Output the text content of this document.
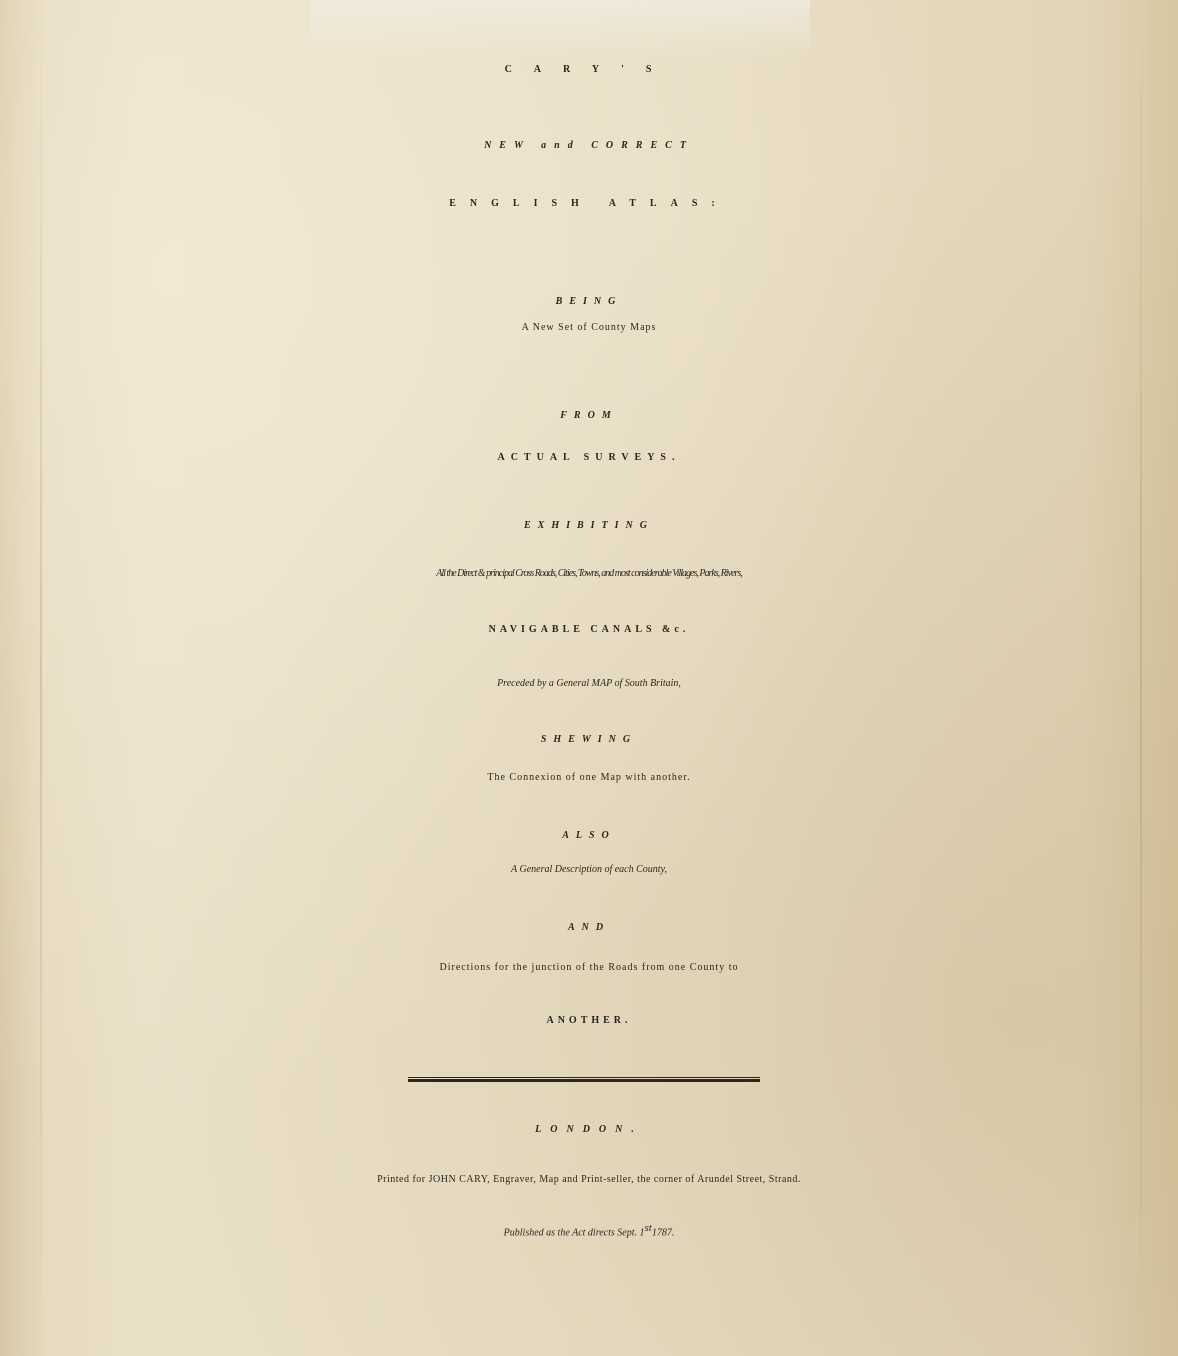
CARY'S
NEW and CORRECT
ENGLISH ATLAS:
BEING
A New Set of County Maps
FROM
ACTUAL SURVEYS.
EXHIBITING
All the Direct & principal Cross Roads, Cities, Towns, and most considerable Villages, Parks, Rivers,
NAVIGABLE CANALS &c.
Preceded by a General MAP of South Britain,
SHEWING
The Connexion of one Map with another.
ALSO
A General Description of each County,
AND
Directions for the junction of the Roads from one County to
ANOTHER.
LONDON.
Printed for JOHN CARY, Engraver, Map and Print-seller, the corner of Arundel Street, Strand.
Published as the Act directs Sept. 1st1787.
